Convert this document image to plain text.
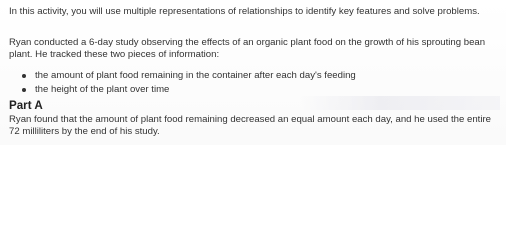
In this activity, you will use multiple representations of relationships to identify key features and solve problems.

Ryan conducted a 6-day study observing the effects of an organic plant food on the growth of his sprouting bean plant. He tracked these two pieces of information:

the amount of plant food remaining in the container after each day's feeding
the height of the plant over time
Part A

Ryan found that the amount of plant food remaining decreased an equal amount each day, and he used the entire 72 milliliters by the end of his study.
